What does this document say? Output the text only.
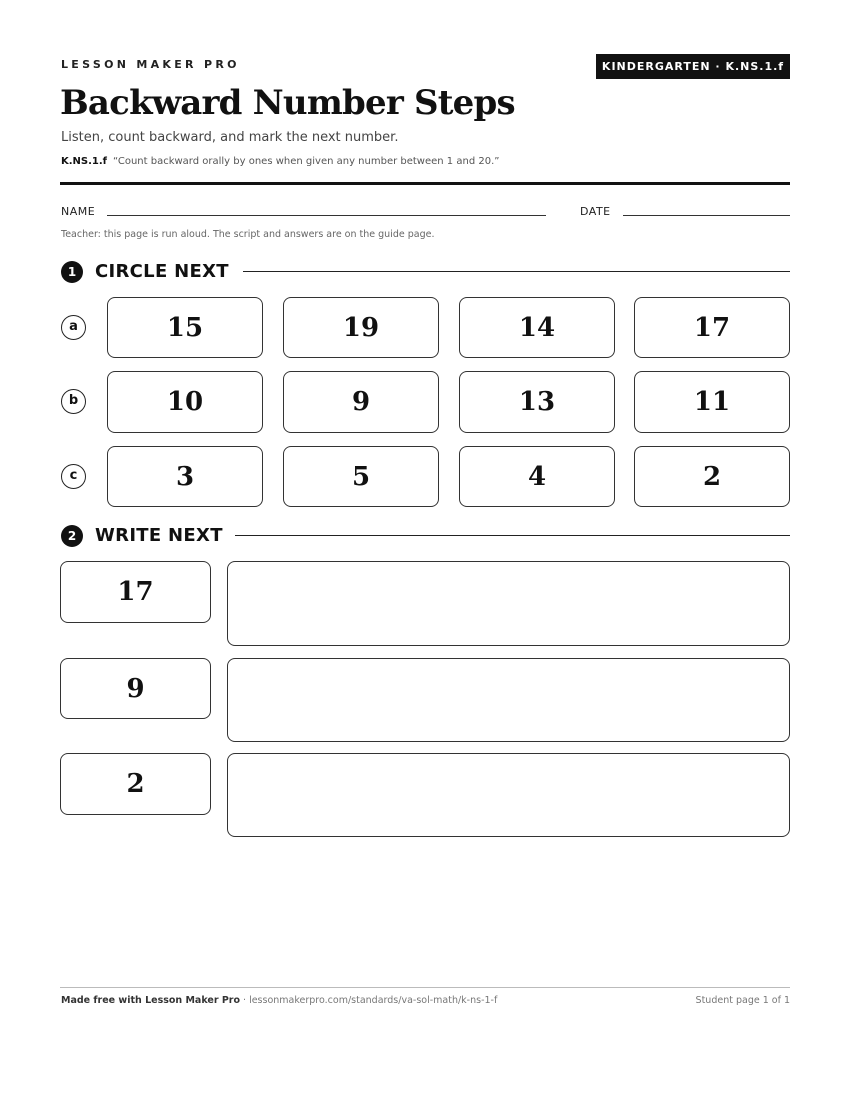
LESSON MAKER PRO	KINDERGARTEN · K.NS.1.f
Backward Number Steps
Listen, count backward, and mark the next number.
K.NS.1.f “Count backward orally by ones when given any number between 1 and 20.”
NAME	DATE
Teacher: this page is run aloud. The script and answers are on the guide page.
1	CIRCLE NEXT
a	15	19	14	17
b	10	9	13	11
c	3	5	4	2
2	WRITE NEXT
17
9
2
Made free with Lesson Maker Pro · lessonmakerpro.com/standards/va-sol-math/k-ns-1-f	Student page 1 of 1
